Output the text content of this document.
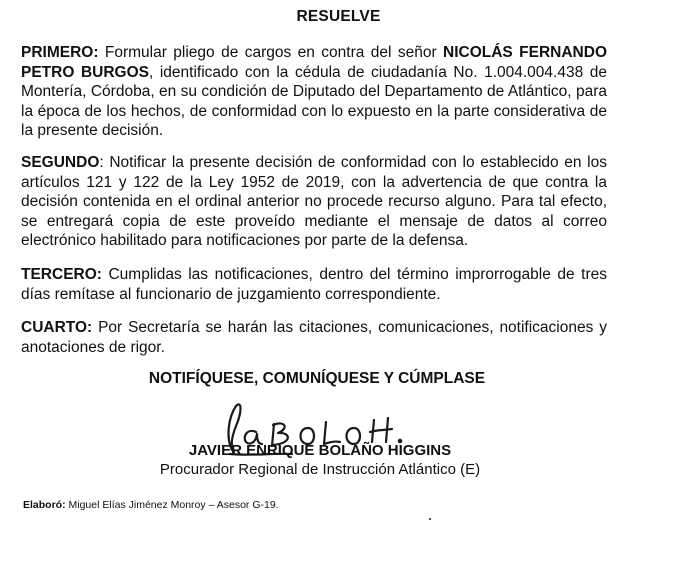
RESUELVE

PRIMERO: Formular pliego de cargos en contra del señor NICOLÁS FERNANDO PETRO BURGOS, identificado con la cédula de ciudadanía No. 1.004.004.438 de Montería, Córdoba, en su condición de Diputado del Departamento de Atlántico, para la época de los hechos, de conformidad con lo expuesto en la parte considerativa de la presente decisión.

SEGUNDO: Notificar la presente decisión de conformidad con lo establecido en los artículos 121 y 122 de la Ley 1952 de 2019, con la advertencia de que contra la decisión contenida en el ordinal anterior no procede recurso alguno. Para tal efecto, se entregará copia de este proveído mediante el mensaje de datos al correo electrónico habilitado para notificaciones por parte de la defensa.

TERCERO: Cumplidas las notificaciones, dentro del término improrrogable de tres días remítase al funcionario de juzgamiento correspondiente.

CUARTO: Por Secretaría se harán las citaciones, comunicaciones, notificaciones y anotaciones de rigor.

NOTIFÍQUESE, COMUNÍQUESE Y CÚMPLASE
JAVIER ENRIQUE BOLAÑO HIGGINS
Procurador Regional de Instrucción Atlántico (E)
Elaboró: Miguel Elías Jiménez Monroy – Asesor G-19.
